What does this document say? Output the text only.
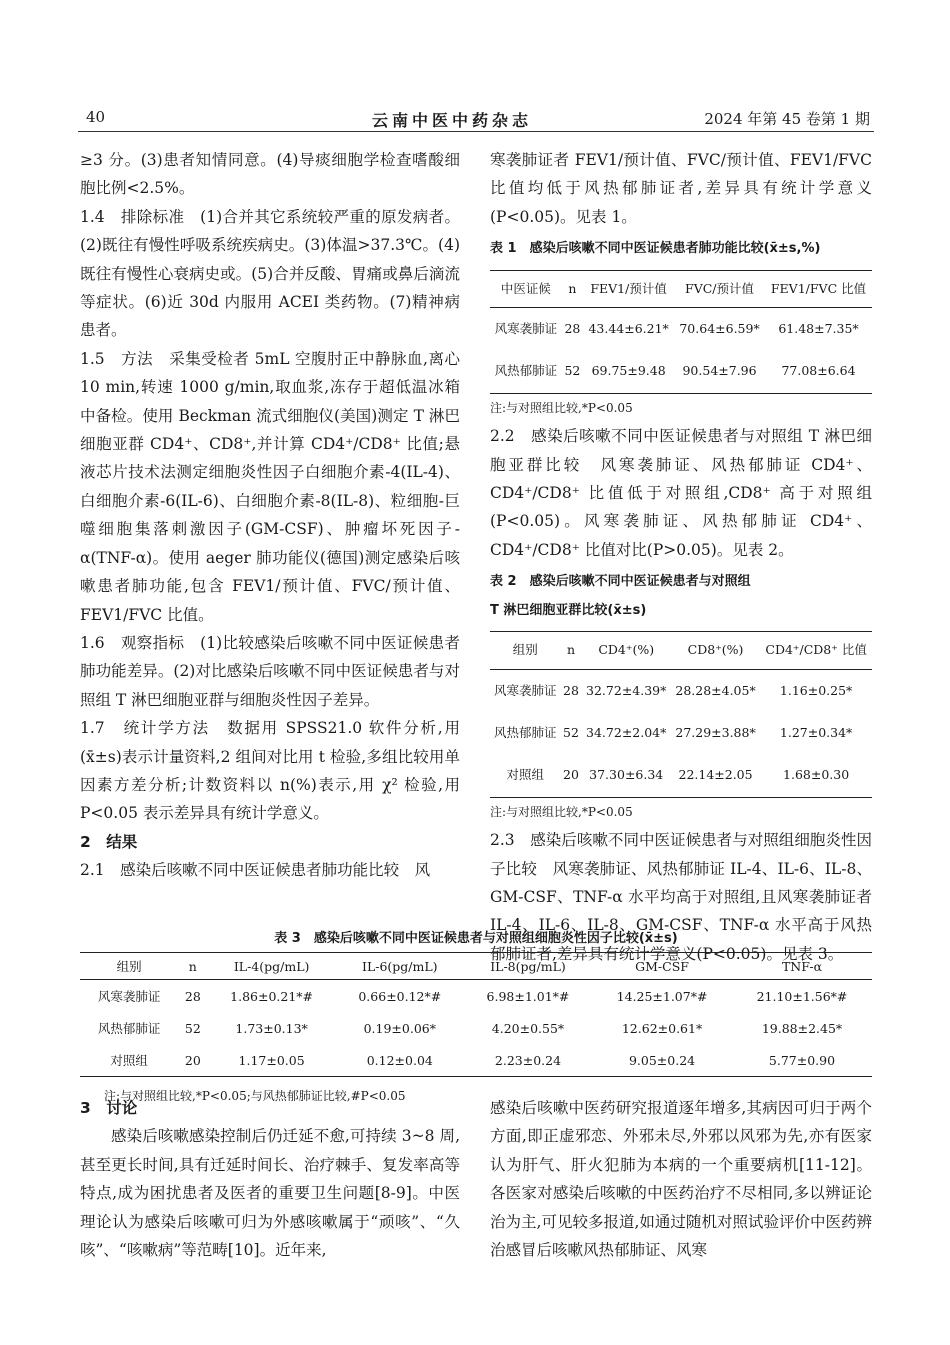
40	云南中医中药杂志	2024 年第 45 卷第 1 期

≥3 分。(3)患者知情同意。(4)导痰细胞学检查嗜酸细胞比例<2.5%。

1.4　排除标准　(1)合并其它系统较严重的原发病者。(2)既往有慢性呼吸系统疾病史。(3)体温>37.3℃。(4)既往有慢性心衰病史或。(5)合并反酸、胃痛或鼻后滴流等症状。(6)近 30d 内服用 ACEI 类药物。(7)精神病患者。

1.5　方法　采集受检者 5mL 空腹肘正中静脉血,离心 10 min,转速 1000 g/min,取血浆,冻存于超低温冰箱中备检。使用 Beckman 流式细胞仪(美国)测定 T 淋巴细胞亚群 CD4⁺、CD8⁺,并计算 CD4⁺/CD8⁺ 比值;悬液芯片技术法测定细胞炎性因子白细胞介素-4(IL-4)、白细胞介素-6(IL-6)、白细胞介素-8(IL-8)、粒细胞-巨噬细胞集落刺激因子(GM-CSF)、肿瘤坏死因子-α(TNF-α)。使用 aeger 肺功能仪(德国)测定感染后咳嗽患者肺功能,包含 FEV1/预计值、FVC/预计值、FEV1/FVC 比值。

1.6　观察指标　(1)比较感染后咳嗽不同中医证候患者肺功能差异。(2)对比感染后咳嗽不同中医证候患者与对照组 T 淋巴细胞亚群与细胞炎性因子差异。

1.7　统计学方法　数据用 SPSS21.0 软件分析,用(x̄±s)表示计量资料,2 组间对比用 t 检验,多组比较用单因素方差分析;计数资料以 n(%)表示,用 χ² 检验,用 P<0.05 表示差异具有统计学意义。

2　结果

2.1　感染后咳嗽不同中医证候患者肺功能比较　风

寒袭肺证者 FEV1/预计值、FVC/预计值、FEV1/FVC 比值均低于风热郁肺证者,差异具有统计学意义(P<0.05)。见表 1。

表 1　感染后咳嗽不同中医证候患者肺功能比较(x̄±s,%)

中医证候	n	FEV1/预计值	FVC/预计值	FEV1/FVC 比值
风寒袭肺证	28	43.44±6.21*	70.64±6.59*	61.48±7.35*
风热郁肺证	52	69.75±9.48	90.54±7.96	77.08±6.64

注:与对照组比较,*P<0.05

2.2　感染后咳嗽不同中医证候患者与对照组 T 淋巴细胞亚群比较　风寒袭肺证、风热郁肺证 CD4⁺、CD4⁺/CD8⁺ 比值低于对照组,CD8⁺ 高于对照组(P<0.05)。风寒袭肺证、风热郁肺证 CD4⁺、CD4⁺/CD8⁺ 比值对比(P>0.05)。见表 2。

表 2　感染后咳嗽不同中医证候患者与对照组

T 淋巴细胞亚群比较(x̄±s)

组别	n	CD4⁺(%)	CD8⁺(%)	CD4⁺/CD8⁺ 比值
风寒袭肺证	28	32.72±4.39*	28.28±4.05*	1.16±0.25*
风热郁肺证	52	34.72±2.04*	27.29±3.88*	1.27±0.34*
对照组	20	37.30±6.34	22.14±2.05	1.68±0.30

注:与对照组比较,*P<0.05

2.3　感染后咳嗽不同中医证候患者与对照组细胞炎性因子比较　风寒袭肺证、风热郁肺证 IL-4、IL-6、IL-8、GM-CSF、TNF-α 水平均高于对照组,且风寒袭肺证者 IL-4、IL-6、IL-8、GM-CSF、TNF-α 水平高于风热郁肺证者,差异具有统计学意义(P<0.05)。见表 3。

表 3　感染后咳嗽不同中医证候患者与对照组细胞炎性因子比较(x̄±s)

组别	n	IL-4(pg/mL)	IL-6(pg/mL)	IL-8(pg/mL)	GM-CSF	TNF-α
风寒袭肺证	28	1.86±0.21*#	0.66±0.12*#	6.98±1.01*#	14.25±1.07*#	21.10±1.56*#
风热郁肺证	52	1.73±0.13*	0.19±0.06*	4.20±0.55*	12.62±0.61*	19.88±2.45*
对照组	20	1.17±0.05	0.12±0.04	2.23±0.24	9.05±0.24	5.77±0.90

注:与对照组比较,*P<0.05;与风热郁肺证比较,#P<0.05

3　讨论

感染后咳嗽感染控制后仍迁延不愈,可持续 3~8 周,甚至更长时间,具有迁延时间长、治疗棘手、复发率高等特点,成为困扰患者及医者的重要卫生问题[8-9]。中医理论认为感染后咳嗽可归为外感咳嗽属于“顽咳”、“久咳”、“咳嗽病”等范畴[10]。近年来,

感染后咳嗽中医药研究报道逐年增多,其病因可归于两个方面,即正虚邪恋、外邪未尽,外邪以风邪为先,亦有医家认为肝气、肝火犯肺为本病的一个重要病机[11-12]。各医家对感染后咳嗽的中医药治疗不尽相同,多以辨证论治为主,可见较多报道,如通过随机对照试验评价中医药辨治感冒后咳嗽风热郁肺证、风寒
